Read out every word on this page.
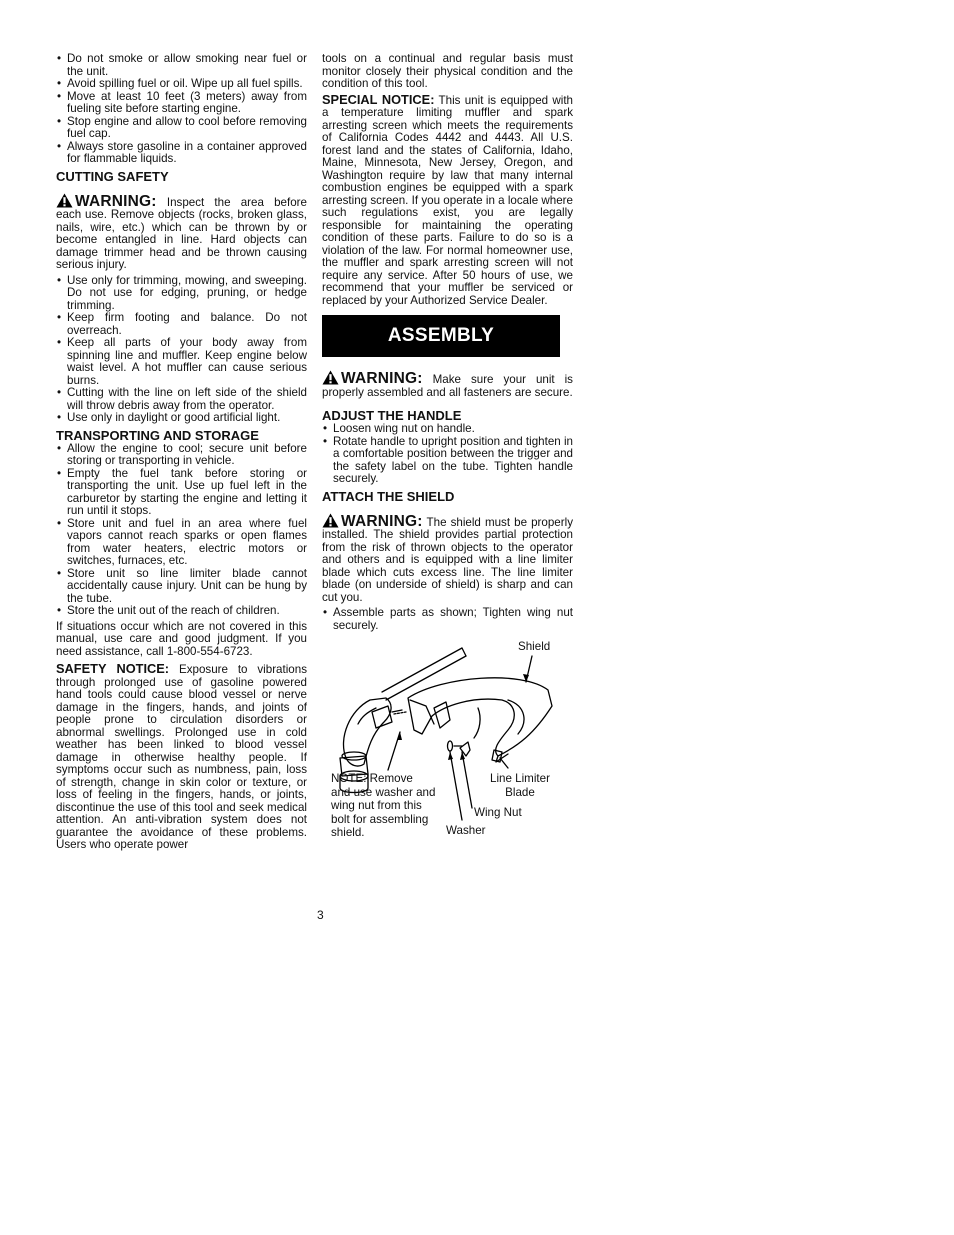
• Do not smoke or allow smoking near fuel or the unit.
• Avoid spilling fuel or oil. Wipe up all fuel spills.
• Move at least 10 feet (3 meters) away from fueling site before starting engine.
• Stop engine and allow to cool before removing fuel cap.
• Always store gasoline in a container approved for flammable liquids.
CUTTING SAFETY

WARNING: Inspect the area before each use. Remove objects (rocks, broken glass, nails, wire, etc.) which can be thrown by or become entangled in line. Hard objects can damage trimmer head and be thrown causing serious injury.

• Use only for trimming, mowing, and sweeping. Do not use for edging, pruning, or hedge trimming.
• Keep firm footing and balance. Do not overreach.
• Keep all parts of your body away from spinning line and muffler. Keep engine below waist level. A hot muffler can cause serious burns.
• Cutting with the line on left side of the shield will throw debris away from the operator.
• Use only in daylight or good artificial light.
TRANSPORTING AND STORAGE
• Allow the engine to cool; secure unit before storing or transporting in vehicle.
• Empty the fuel tank before storing or transporting the unit. Use up fuel left in the carburetor by starting the engine and letting it run until it stops.
• Store unit and fuel in an area where fuel vapors cannot reach sparks or open flames from water heaters, electric motors or switches, furnaces, etc.
• Store unit so line limiter blade cannot accidentally cause injury. Unit can be hung by the tube.
• Store the unit out of the reach of children.

If situations occur which are not covered in this manual, use care and good judgment. If you need assistance, call 1-800-554-6723.

SAFETY NOTICE: Exposure to vibrations through prolonged use of gasoline powered hand tools could cause blood vessel or nerve damage in the fingers, hands, and joints of people prone to circulation disorders or abnormal swellings. Prolonged use in cold weather has been linked to blood vessel damage in otherwise healthy people. If symptoms occur such as numbness, pain, loss of strength, change in skin color or texture, or loss of feeling in the fingers, hands, or joints, discontinue the use of this tool and seek medical attention. An anti-vibration system does not guarantee the avoidance of these problems. Users who operate power

tools on a continual and regular basis must monitor closely their physical condition and the condition of this tool.

SPECIAL NOTICE: This unit is equipped with a temperature limiting muffler and spark arresting screen which meets the requirements of California Codes 4442 and 4443. All U.S. forest land and the states of California, Idaho, Maine, Minnesota, New Jersey, Oregon, and Washington require by law that many internal combustion engines be equipped with a spark arresting screen. If you operate in a locale where such regulations exist, you are legally responsible for maintaining the operating condition of these parts. Failure to do so is a violation of the law. For normal homeowner use, the muffler and spark arresting screen will not require any service. After 50 hours of use, we recommend that your muffler be serviced or replaced by your Authorized Service Dealer.

ASSEMBLY

WARNING: Make sure your unit is properly assembled and all fasteners are secure.

ADJUST THE HANDLE
• Loosen wing nut on handle.
• Rotate handle to upright position and tighten in a comfortable position between the trigger and the safety label on the tube. Tighten handle securely.
ATTACH THE SHIELD

WARNING: The shield must be properly installed. The shield provides partial protection from the risk of thrown objects to the operator and others and is equipped with a line limiter blade which cuts excess line. The line limiter blade (on underside of shield) is sharp and can cut you.

• Assemble parts as shown; Tighten wing nut securely.
Shield
NOTE: Remove
and use washer and
wing nut from this
bolt for assembling
shield.
Line Limiter
Blade
Wing Nut
Washer
3
